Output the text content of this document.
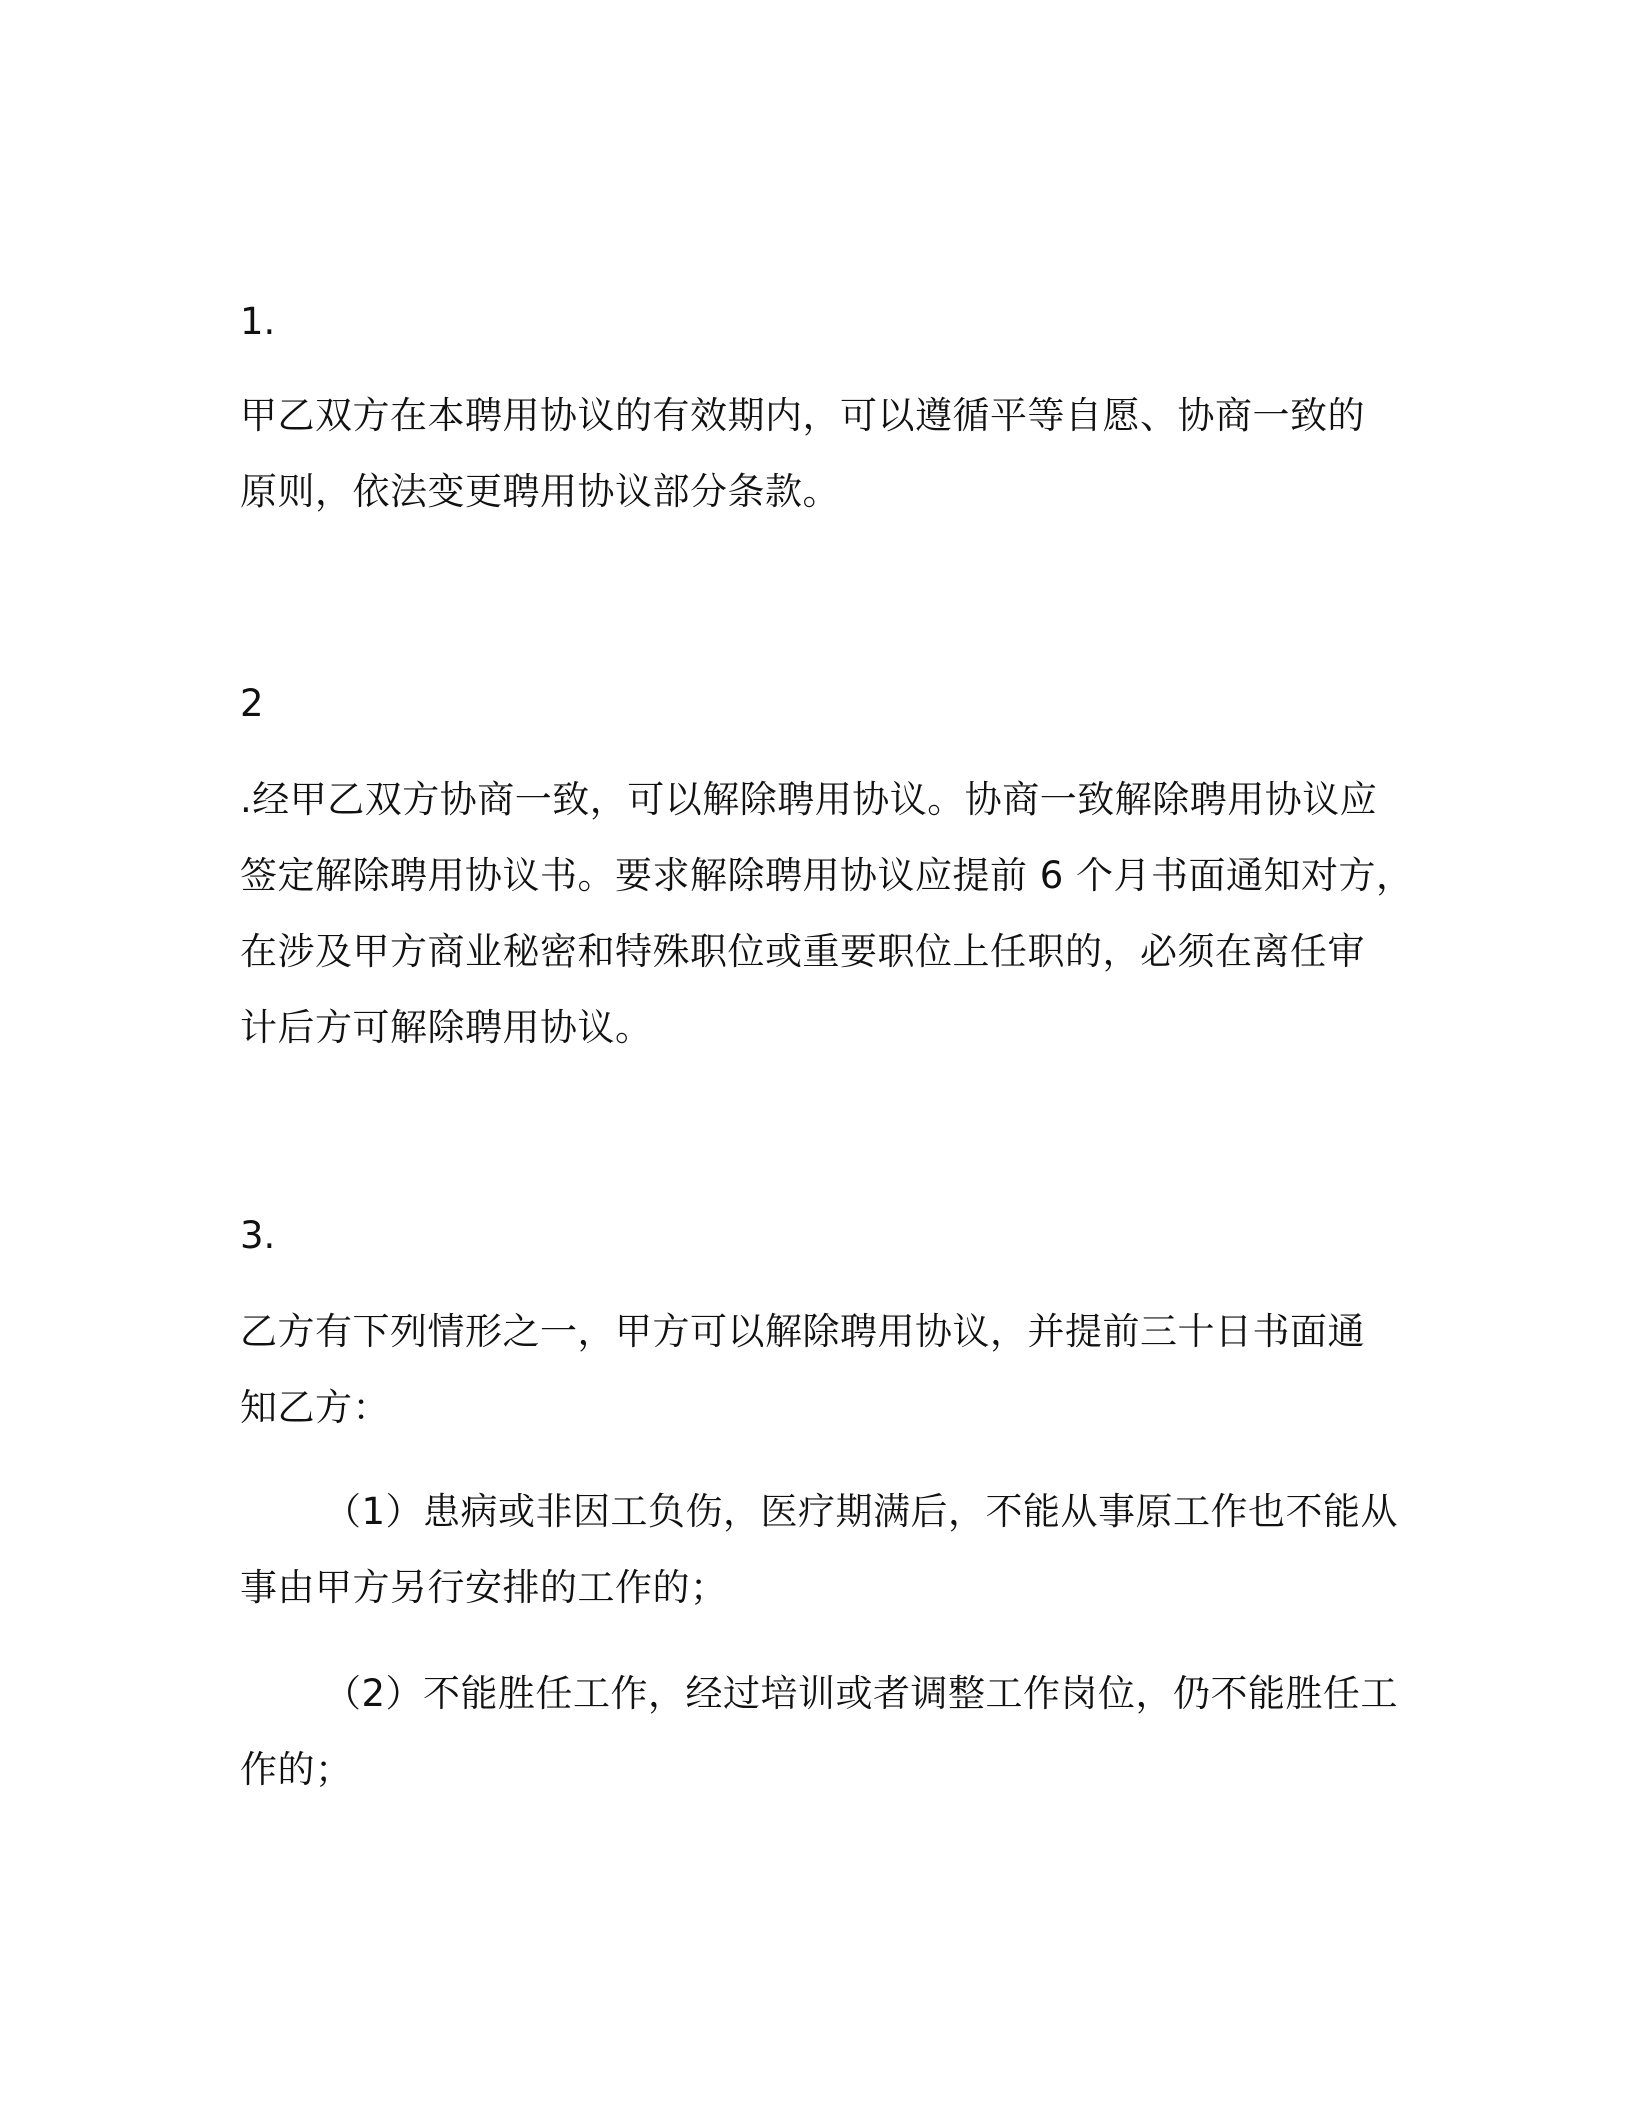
1.

甲乙双方在本聘用协议的有效期内，可以遵循平等自愿、协商一致的
原则，依法变更聘用协议部分条款。

2

.经甲乙双方协商一致，可以解除聘用协议。协商一致解除聘用协议应
签定解除聘用协议书。要求解除聘用协议应提前 6 个月书面通知对方，
在涉及甲方商业秘密和特殊职位或重要职位上任职的，必须在离任审
计后方可解除聘用协议。

3.

乙方有下列情形之一，甲方可以解除聘用协议，并提前三十日书面通
知乙方：
（1）患病或非因工负伤，医疗期满后，不能从事原工作也不能从
事由甲方另行安排的工作的；
（2）不能胜任工作，经过培训或者调整工作岗位，仍不能胜任工
作的；
